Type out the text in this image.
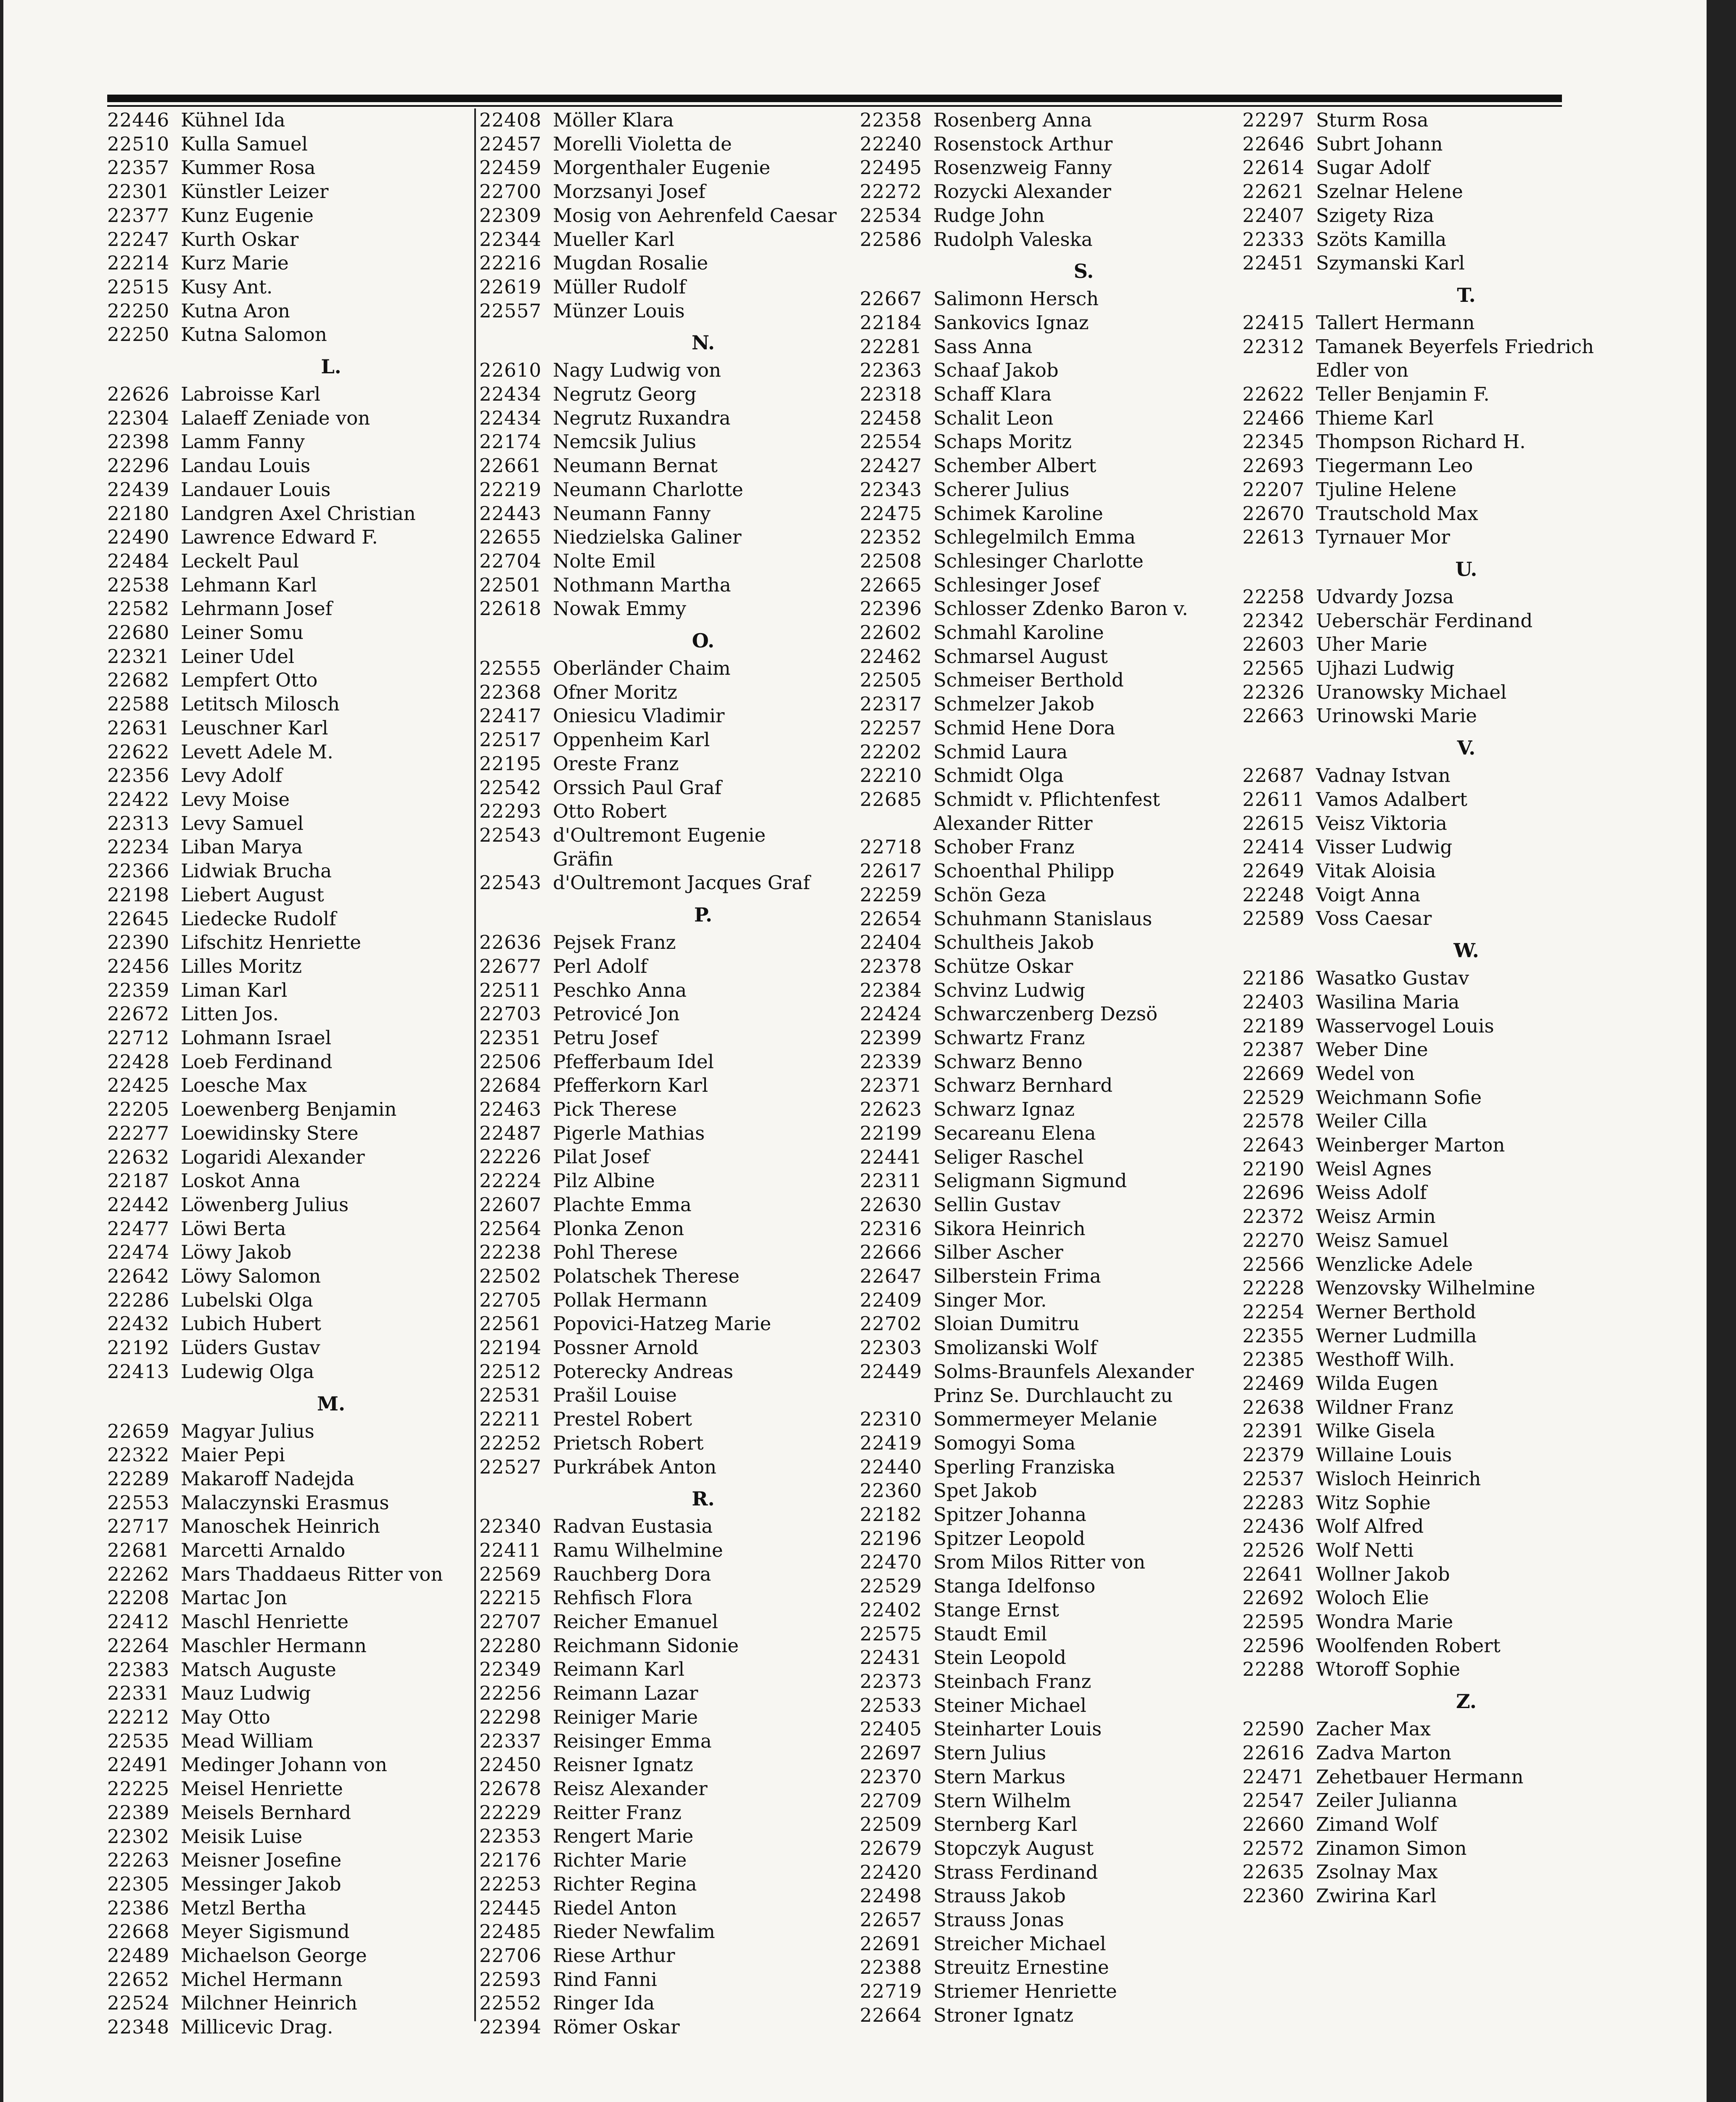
22446 Kühnel Ida
22510 Kulla Samuel
22357 Kummer Rosa
22301 Künstler Leizer
22377 Kunz Eugenie
22247 Kurth Oskar
22214 Kurz Marie
22515 Kusy Ant.
22250 Kutna Aron
22250 Kutna Salomon
L.
22626 Labroisse Karl
22304 Lalaeff Zeniade von
22398 Lamm Fanny
22296 Landau Louis
22439 Landauer Louis
22180 Landgren Axel Christian
22490 Lawrence Edward F.
22484 Leckelt Paul
22538 Lehmann Karl
22582 Lehrmann Josef
22680 Leiner Somu
22321 Leiner Udel
22682 Lempfert Otto
22588 Letitsch Milosch
22631 Leuschner Karl
22622 Levett Adele M.
22356 Levy Adolf
22422 Levy Moise
22313 Levy Samuel
22234 Liban Marya
22366 Lidwiak Brucha
22198 Liebert August
22645 Liedecke Rudolf
22390 Lifschitz Henriette
22456 Lilles Moritz
22359 Liman Karl
22672 Litten Jos.
22712 Lohmann Israel
22428 Loeb Ferdinand
22425 Loesche Max
22205 Loewenberg Benjamin
22277 Loewidinsky Stere
22632 Logaridi Alexander
22187 Loskot Anna
22442 Löwenberg Julius
22477 Löwi Berta
22474 Löwy Jakob
22642 Löwy Salomon
22286 Lubelski Olga
22432 Lubich Hubert
22192 Lüders Gustav
22413 Ludewig Olga
M.
22659 Magyar Julius
22322 Maier Pepi
22289 Makaroff Nadejda
22553 Malaczynski Erasmus
22717 Manoschek Heinrich
22681 Marcetti Arnaldo
22262 Mars Thaddaeus Ritter von
22208 Martac Jon
22412 Maschl Henriette
22264 Maschler Hermann
22383 Matsch Auguste
22331 Mauz Ludwig
22212 May Otto
22535 Mead William
22491 Medinger Johann von
22225 Meisel Henriette
22389 Meisels Bernhard
22302 Meisik Luise
22263 Meisner Josefine
22305 Messinger Jakob
22386 Metzl Bertha
22668 Meyer Sigismund
22489 Michaelson George
22652 Michel Hermann
22524 Milchner Heinrich
22348 Millicevic Drag.
22408 Möller Klara
22457 Morelli Violetta de
22459 Morgenthaler Eugenie
22700 Morzsanyi Josef
22309 Mosig von Aehrenfeld Caesar
22344 Mueller Karl
22216 Mugdan Rosalie
22619 Müller Rudolf
22557 Münzer Louis
N.
22610 Nagy Ludwig von
22434 Negrutz Georg
22434 Negrutz Ruxandra
22174 Nemcsik Julius
22661 Neumann Bernat
22219 Neumann Charlotte
22443 Neumann Fanny
22655 Niedzielska Galiner
22704 Nolte Emil
22501 Nothmann Martha
22618 Nowak Emmy
O.
22555 Oberländer Chaim
22368 Ofner Moritz
22417 Oniesicu Vladimir
22517 Oppenheim Karl
22195 Oreste Franz
22542 Orssich Paul Graf
22293 Otto Robert
22543 d'Oultremont Eugenie
Gräfin
22543 d'Oultremont Jacques Graf
P.
22636 Pejsek Franz
22677 Perl Adolf
22511 Peschko Anna
22703 Petrovicé Jon
22351 Petru Josef
22506 Pfefferbaum Idel
22684 Pfefferkorn Karl
22463 Pick Therese
22487 Pigerle Mathias
22226 Pilat Josef
22224 Pilz Albine
22607 Plachte Emma
22564 Plonka Zenon
22238 Pohl Therese
22502 Polatschek Therese
22705 Pollak Hermann
22561 Popovici-Hatzeg Marie
22194 Possner Arnold
22512 Poterecky Andreas
22531 Prašil Louise
22211 Prestel Robert
22252 Prietsch Robert
22527 Purkrábek Anton
R.
22340 Radvan Eustasia
22411 Ramu Wilhelmine
22569 Rauchberg Dora
22215 Rehfisch Flora
22707 Reicher Emanuel
22280 Reichmann Sidonie
22349 Reimann Karl
22256 Reimann Lazar
22298 Reiniger Marie
22337 Reisinger Emma
22450 Reisner Ignatz
22678 Reisz Alexander
22229 Reitter Franz
22353 Rengert Marie
22176 Richter Marie
22253 Richter Regina
22445 Riedel Anton
22485 Rieder Newfalim
22706 Riese Arthur
22593 Rind Fanni
22552 Ringer Ida
22394 Römer Oskar
22358 Rosenberg Anna
22240 Rosenstock Arthur
22495 Rosenzweig Fanny
22272 Rozycki Alexander
22534 Rudge John
22586 Rudolph Valeska
S.
22667 Salimonn Hersch
22184 Sankovics Ignaz
22281 Sass Anna
22363 Schaaf Jakob
22318 Schaff Klara
22458 Schalit Leon
22554 Schaps Moritz
22427 Schember Albert
22343 Scherer Julius
22475 Schimek Karoline
22352 Schlegelmilch Emma
22508 Schlesinger Charlotte
22665 Schlesinger Josef
22396 Schlosser Zdenko Baron v.
22602 Schmahl Karoline
22462 Schmarsel August
22505 Schmeiser Berthold
22317 Schmelzer Jakob
22257 Schmid Hene Dora
22202 Schmid Laura
22210 Schmidt Olga
22685 Schmidt v. Pflichtenfest
Alexander Ritter
22718 Schober Franz
22617 Schoenthal Philipp
22259 Schön Geza
22654 Schuhmann Stanislaus
22404 Schultheis Jakob
22378 Schütze Oskar
22384 Schvinz Ludwig
22424 Schwarczenberg Dezsö
22399 Schwartz Franz
22339 Schwarz Benno
22371 Schwarz Bernhard
22623 Schwarz Ignaz
22199 Secareanu Elena
22441 Seliger Raschel
22311 Seligmann Sigmund
22630 Sellin Gustav
22316 Sikora Heinrich
22666 Silber Ascher
22647 Silberstein Frima
22409 Singer Mor.
22702 Sloian Dumitru
22303 Smolizanski Wolf
22449 Solms-Braunfels Alexander
Prinz Se. Durchlaucht zu
22310 Sommermeyer Melanie
22419 Somogyi Soma
22440 Sperling Franziska
22360 Spet Jakob
22182 Spitzer Johanna
22196 Spitzer Leopold
22470 Srom Milos Ritter von
22529 Stanga Idelfonso
22402 Stange Ernst
22575 Staudt Emil
22431 Stein Leopold
22373 Steinbach Franz
22533 Steiner Michael
22405 Steinharter Louis
22697 Stern Julius
22370 Stern Markus
22709 Stern Wilhelm
22509 Sternberg Karl
22679 Stopczyk August
22420 Strass Ferdinand
22498 Strauss Jakob
22657 Strauss Jonas
22691 Streicher Michael
22388 Streuitz Ernestine
22719 Striemer Henriette
22664 Stroner Ignatz
22297 Sturm Rosa
22646 Subrt Johann
22614 Sugar Adolf
22621 Szelnar Helene
22407 Szigety Riza
22333 Szöts Kamilla
22451 Szymanski Karl
T.
22415 Tallert Hermann
22312 Tamanek Beyerfels Friedrich
Edler von
22622 Teller Benjamin F.
22466 Thieme Karl
22345 Thompson Richard H.
22693 Tiegermann Leo
22207 Tjuline Helene
22670 Trautschold Max
22613 Tyrnauer Mor
U.
22258 Udvardy Jozsa
22342 Ueberschär Ferdinand
22603 Uher Marie
22565 Ujhazi Ludwig
22326 Uranowsky Michael
22663 Urinowski Marie
V.
22687 Vadnay Istvan
22611 Vamos Adalbert
22615 Veisz Viktoria
22414 Visser Ludwig
22649 Vitak Aloisia
22248 Voigt Anna
22589 Voss Caesar
W.
22186 Wasatko Gustav
22403 Wasilina Maria
22189 Wasservogel Louis
22387 Weber Dine
22669 Wedel von
22529 Weichmann Sofie
22578 Weiler Cilla
22643 Weinberger Marton
22190 Weisl Agnes
22696 Weiss Adolf
22372 Weisz Armin
22270 Weisz Samuel
22566 Wenzlicke Adele
22228 Wenzovsky Wilhelmine
22254 Werner Berthold
22355 Werner Ludmilla
22385 Westhoff Wilh.
22469 Wilda Eugen
22638 Wildner Franz
22391 Wilke Gisela
22379 Willaine Louis
22537 Wisloch Heinrich
22283 Witz Sophie
22436 Wolf Alfred
22526 Wolf Netti
22641 Wollner Jakob
22692 Woloch Elie
22595 Wondra Marie
22596 Woolfenden Robert
22288 Wtoroff Sophie
Z.
22590 Zacher Max
22616 Zadva Marton
22471 Zehetbauer Hermann
22547 Zeiler Julianna
22660 Zimand Wolf
22572 Zinamon Simon
22635 Zsolnay Max
22360 Zwirina Karl
